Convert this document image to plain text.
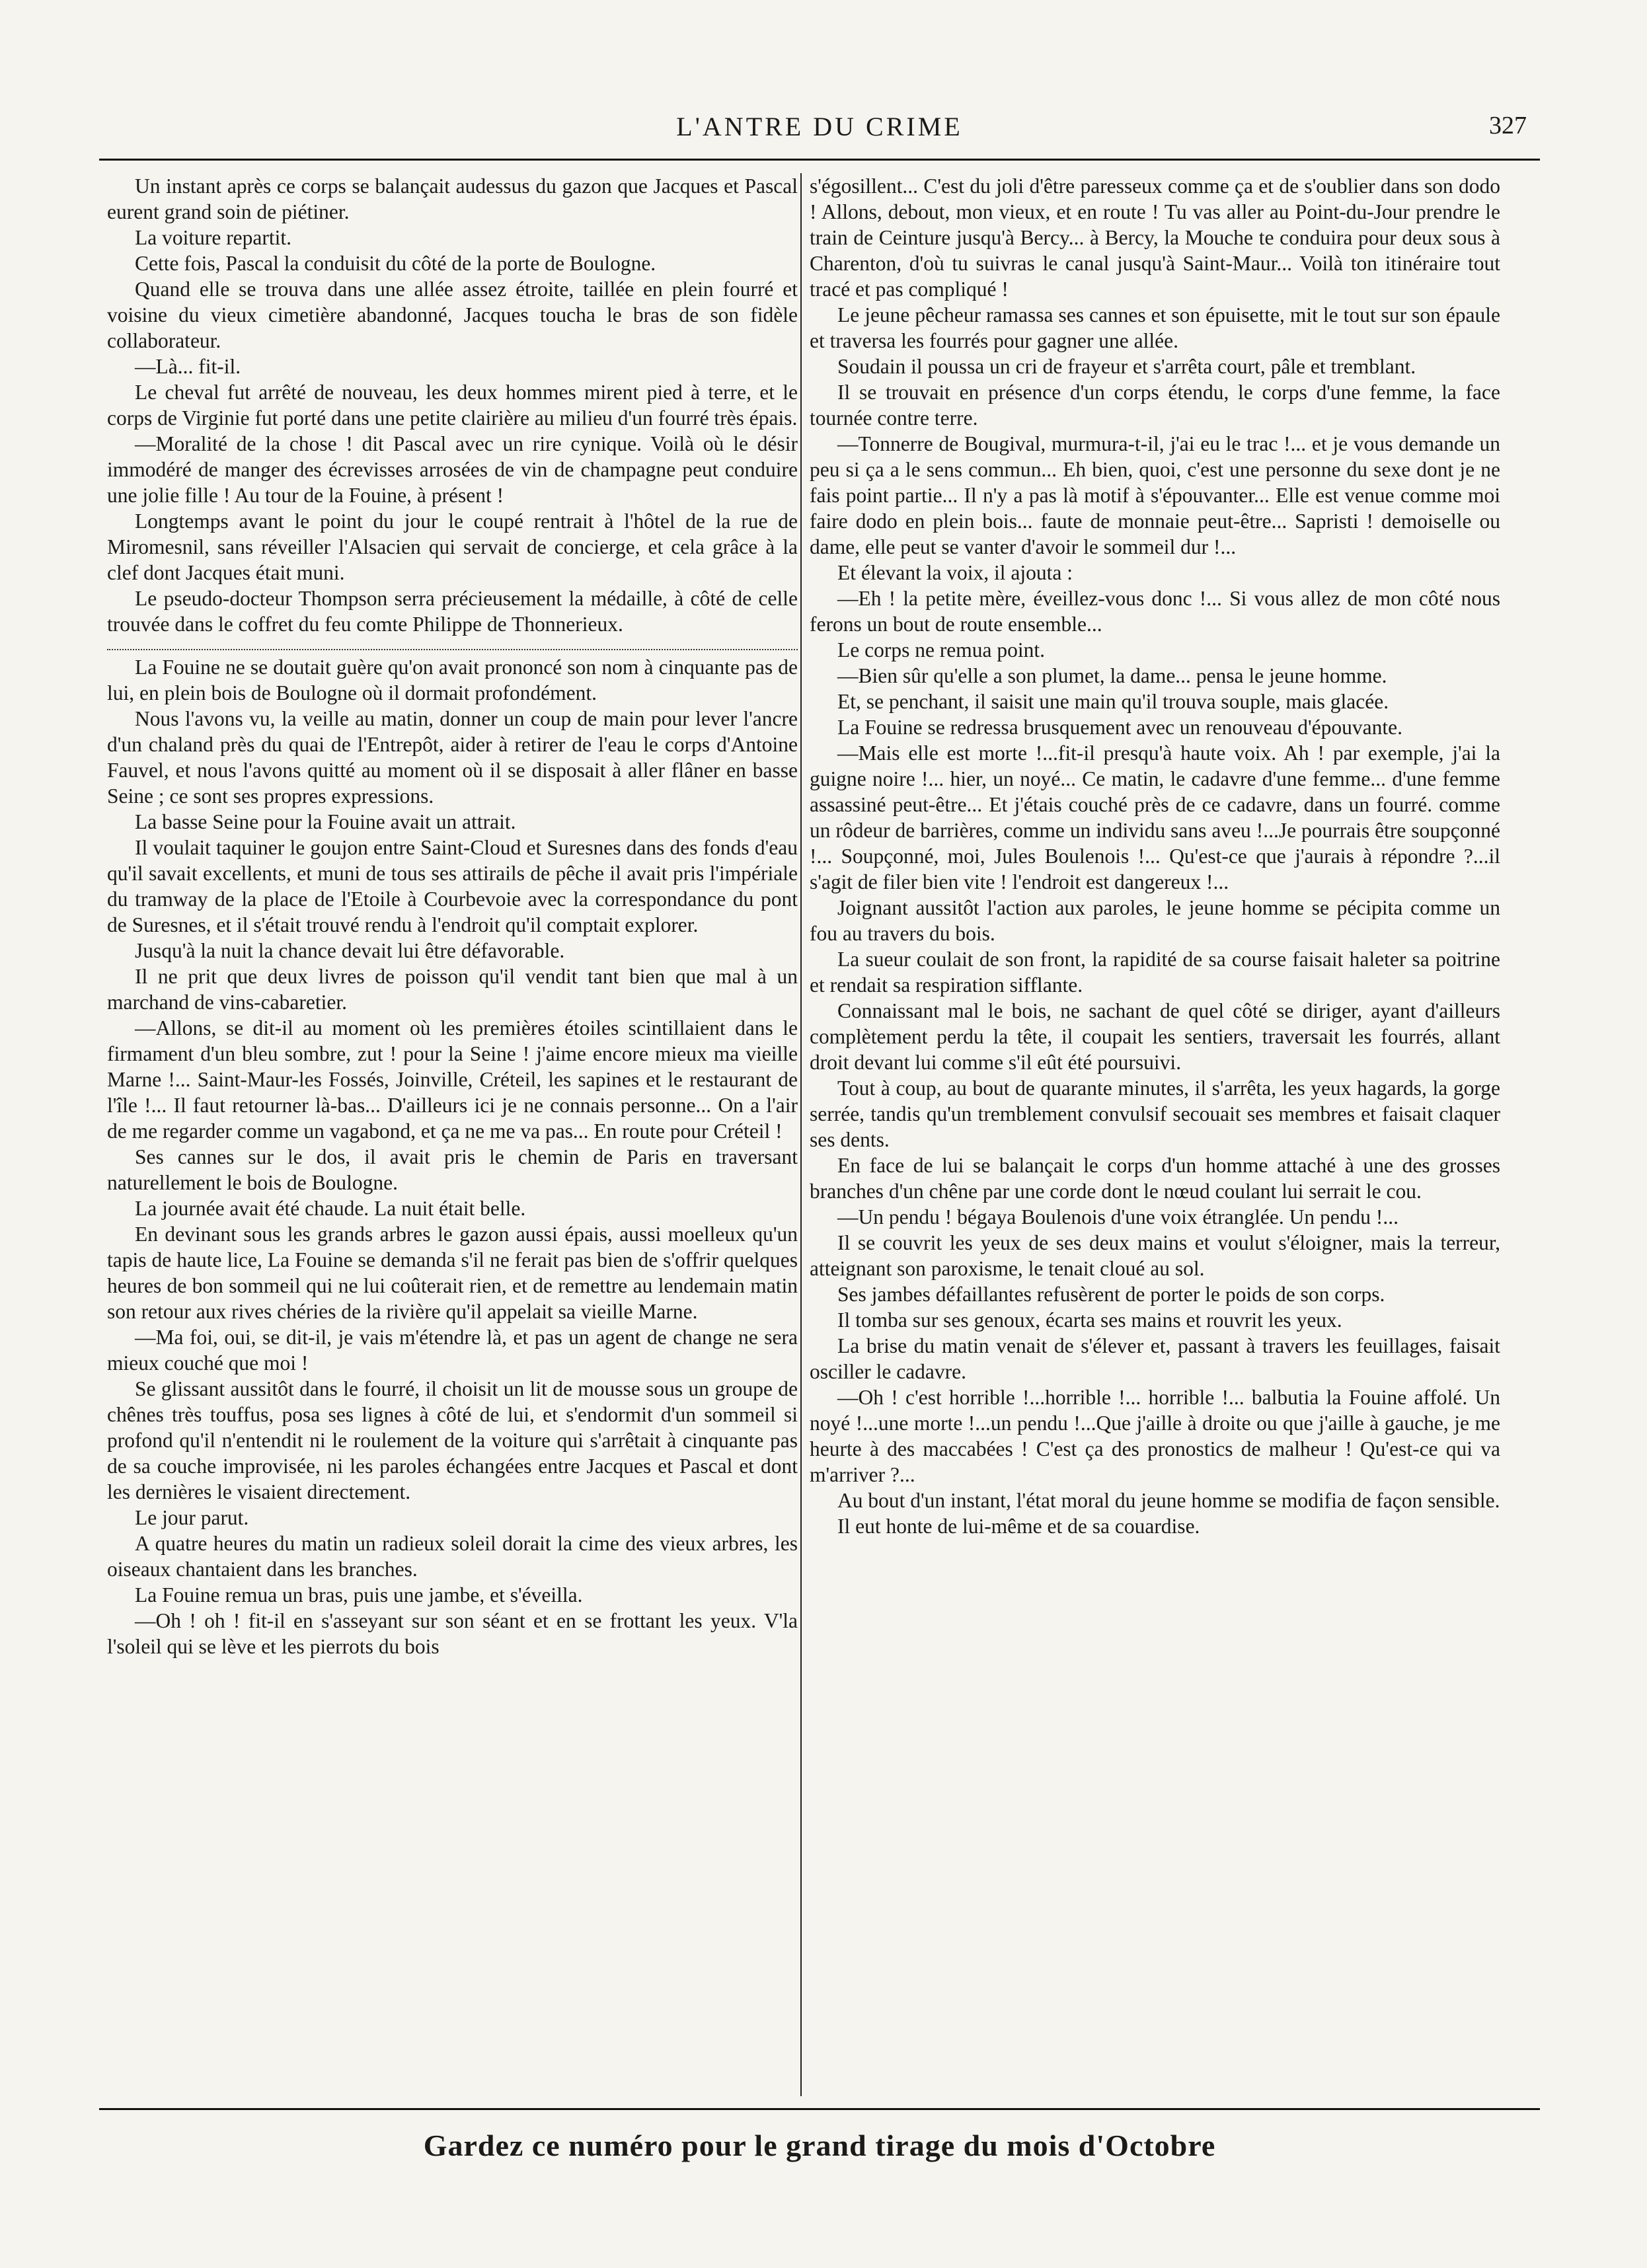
L'ANTRE DU CRIME	327

Un instant après ce corps se balançait audessus du gazon que Jacques et Pascal eurent grand soin de piétiner.

La voiture repartit.

Cette fois, Pascal la conduisit du côté de la porte de Boulogne.

Quand elle se trouva dans une allée assez étroite, taillée en plein fourré et voisine du vieux cimetière abandonné, Jacques toucha le bras de son fidèle collaborateur.

—Là... fit-il.

Le cheval fut arrêté de nouveau, les deux hommes mirent pied à terre, et le corps de Virginie fut porté dans une petite clairière au milieu d'un fourré très épais.

—Moralité de la chose ! dit Pascal avec un rire cynique. Voilà où le désir immodéré de manger des écrevisses arrosées de vin de champagne peut conduire une jolie fille ! Au tour de la Fouine, à présent !

Longtemps avant le point du jour le coupé rentrait à l'hôtel de la rue de Miromesnil, sans réveiller l'Alsacien qui servait de concierge, et cela grâce à la clef dont Jacques était muni.

Le pseudo-docteur Thompson serra précieusement la médaille, à côté de celle trouvée dans le coffret du feu comte Philippe de Thonnerieux.

La Fouine ne se doutait guère qu'on avait prononcé son nom à cinquante pas de lui, en plein bois de Boulogne où il dormait profondément.

Nous l'avons vu, la veille au matin, donner un coup de main pour lever l'ancre d'un chaland près du quai de l'Entrepôt, aider à retirer de l'eau le corps d'Antoine Fauvel, et nous l'avons quitté au moment où il se disposait à aller flâner en basse Seine ; ce sont ses propres expressions.

La basse Seine pour la Fouine avait un attrait.

Il voulait taquiner le goujon entre Saint-Cloud et Suresnes dans des fonds d'eau qu'il savait excellents, et muni de tous ses attirails de pêche il avait pris l'impériale du tramway de la place de l'Etoile à Courbevoie avec la correspondance du pont de Suresnes, et il s'était trouvé rendu à l'endroit qu'il comptait explorer.

Jusqu'à la nuit la chance devait lui être défavorable.

Il ne prit que deux livres de poisson qu'il vendit tant bien que mal à un marchand de vins-cabaretier.

—Allons, se dit-il au moment où les premières étoiles scintillaient dans le firmament d'un bleu sombre, zut ! pour la Seine ! j'aime encore mieux ma vieille Marne !... Saint-Maur-les Fossés, Joinville, Créteil, les sapines et le restaurant de l'île !... Il faut retourner là-bas... D'ailleurs ici je ne connais personne... On a l'air de me regarder comme un vagabond, et ça ne me va pas... En route pour Créteil !

Ses cannes sur le dos, il avait pris le chemin de Paris en traversant naturellement le bois de Boulogne.

La journée avait été chaude. La nuit était belle.

En devinant sous les grands arbres le gazon aussi épais, aussi moelleux qu'un tapis de haute lice, La Fouine se demanda s'il ne ferait pas bien de s'offrir quelques heures de bon sommeil qui ne lui coûterait rien, et de remettre au lendemain matin son retour aux rives chéries de la rivière qu'il appelait sa vieille Marne.

—Ma foi, oui, se dit-il, je vais m'étendre là, et pas un agent de change ne sera mieux couché que moi !

Se glissant aussitôt dans le fourré, il choisit un lit de mousse sous un groupe de chênes très touffus, posa ses lignes à côté de lui, et s'endormit d'un sommeil si profond qu'il n'entendit ni le roulement de la voiture qui s'arrêtait à cinquante pas de sa couche improvisée, ni les paroles échangées entre Jacques et Pascal et dont les dernières le visaient directement.

Le jour parut.

A quatre heures du matin un radieux soleil dorait la cime des vieux arbres, les oiseaux chantaient dans les branches.

La Fouine remua un bras, puis une jambe, et s'éveilla.

—Oh ! oh ! fit-il en s'asseyant sur son séant et en se frottant les yeux. V'la l'soleil qui se lève et les pierrots du bois

s'égosillent... C'est du joli d'être paresseux comme ça et de s'oublier dans son dodo ! Allons, debout, mon vieux, et en route ! Tu vas aller au Point-du-Jour prendre le train de Ceinture jusqu'à Bercy... à Bercy, la Mouche te conduira pour deux sous à Charenton, d'où tu suivras le canal jusqu'à Saint-Maur... Voilà ton itinéraire tout tracé et pas compliqué !

Le jeune pêcheur ramassa ses cannes et son épuisette, mit le tout sur son épaule et traversa les fourrés pour gagner une allée.

Soudain il poussa un cri de frayeur et s'arrêta court, pâle et tremblant.

Il se trouvait en présence d'un corps étendu, le corps d'une femme, la face tournée contre terre.

—Tonnerre de Bougival, murmura-t-il, j'ai eu le trac !... et je vous demande un peu si ça a le sens commun... Eh bien, quoi, c'est une personne du sexe dont je ne fais point partie... Il n'y a pas là motif à s'épouvanter... Elle est venue comme moi faire dodo en plein bois... faute de monnaie peut-être... Sapristi ! demoiselle ou dame, elle peut se vanter d'avoir le sommeil dur !...

Et élevant la voix, il ajouta :

—Eh ! la petite mère, éveillez-vous donc !... Si vous allez de mon côté nous ferons un bout de route ensemble...

Le corps ne remua point.

—Bien sûr qu'elle a son plumet, la dame... pensa le jeune homme.

Et, se penchant, il saisit une main qu'il trouva souple, mais glacée.

La Fouine se redressa brusquement avec un renouveau d'épouvante.

—Mais elle est morte !...fit-il presqu'à haute voix. Ah ! par exemple, j'ai la guigne noire !... hier, un noyé... Ce matin, le cadavre d'une femme... d'une femme assassiné peut-être... Et j'étais couché près de ce cadavre, dans un fourré. comme un rôdeur de barrières, comme un individu sans aveu !...Je pourrais être soupçonné !... Soupçonné, moi, Jules Boulenois !... Qu'est-ce que j'aurais à répondre ?...il s'agit de filer bien vite ! l'endroit est dangereux !...

Joignant aussitôt l'action aux paroles, le jeune homme se pécipita comme un fou au travers du bois.

La sueur coulait de son front, la rapidité de sa course faisait haleter sa poitrine et rendait sa respiration sifflante.

Connaissant mal le bois, ne sachant de quel côté se diriger, ayant d'ailleurs complètement perdu la tête, il coupait les sentiers, traversait les fourrés, allant droit devant lui comme s'il eût été poursuivi.

Tout à coup, au bout de quarante minutes, il s'arrêta, les yeux hagards, la gorge serrée, tandis qu'un tremblement convulsif secouait ses membres et faisait claquer ses dents.

En face de lui se balançait le corps d'un homme attaché à une des grosses branches d'un chêne par une corde dont le nœud coulant lui serrait le cou.

—Un pendu ! bégaya Boulenois d'une voix étranglée. Un pendu !...

Il se couvrit les yeux de ses deux mains et voulut s'éloigner, mais la terreur, atteignant son paroxisme, le tenait cloué au sol.

Ses jambes défaillantes refusèrent de porter le poids de son corps.

Il tomba sur ses genoux, écarta ses mains et rouvrit les yeux.

La brise du matin venait de s'élever et, passant à travers les feuillages, faisait osciller le cadavre.

—Oh ! c'est horrible !...horrible !... horrible !... balbutia la Fouine affolé. Un noyé !...une morte !...un pendu !...Que j'aille à droite ou que j'aille à gauche, je me heurte à des maccabées ! C'est ça des pronostics de malheur ! Qu'est-ce qui va m'arriver ?...

Au bout d'un instant, l'état moral du jeune homme se modifia de façon sensible.

Il eut honte de lui-même et de sa couardise.

Gardez ce numéro pour le grand tirage du mois d'Octobre
